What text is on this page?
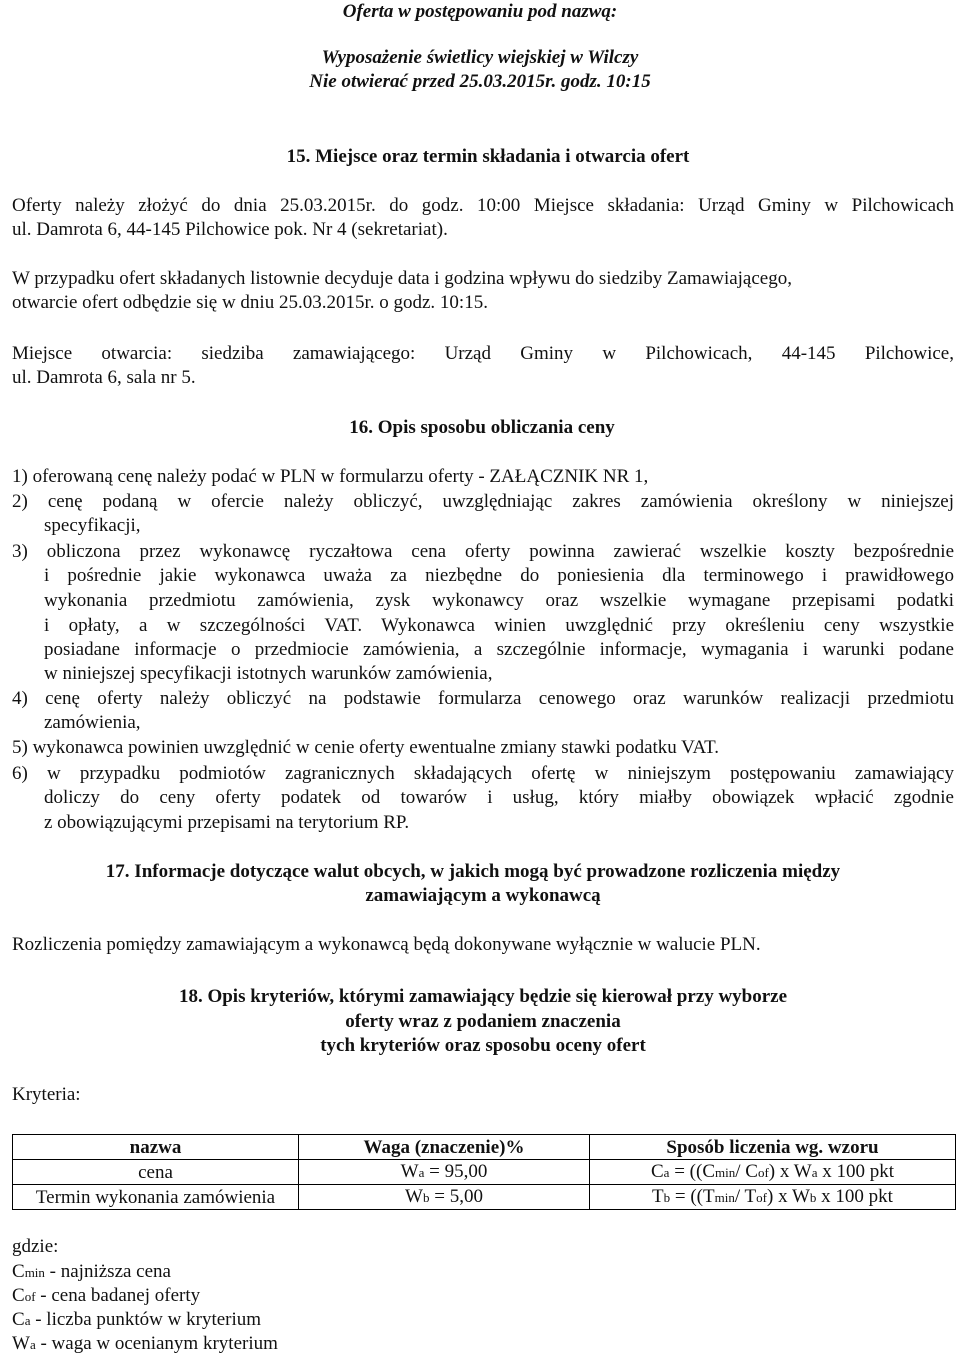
Oferta w postępowaniu pod nazwą:
Wyposażenie świetlicy wiejskiej w Wilczy
Nie otwierać przed 25.03.2015r. godz. 10:15
15. Miejsce oraz termin składania i otwarcia ofert
Oferty należy złożyć do dnia 25.03.2015r. do godz. 10:00 Miejsce składania: Urząd Gminy w Pilchowicach
ul. Damrota 6, 44-145 Pilchowice pok. Nr 4 (sekretariat).
W przypadku ofert składanych listownie decyduje data i godzina wpływu do siedziby Zamawiającego,
otwarcie ofert odbędzie się w dniu 25.03.2015r. o godz. 10:15.
Miejsce otwarcia: siedziba zamawiającego: Urząd Gminy w Pilchowicach, 44-145 Pilchowice,
ul. Damrota 6, sala nr 5.
16. Opis sposobu obliczania ceny
1) oferowaną cenę należy podać w PLN w formularzu oferty - ZAŁĄCZNIK NR 1,
2) cenę podaną w ofercie należy obliczyć, uwzględniając zakres zamówienia określony w niniejszej
specyfikacji,
3) obliczona przez wykonawcę ryczałtowa cena oferty powinna zawierać wszelkie koszty bezpośrednie
i pośrednie jakie wykonawca uważa za niezbędne do poniesienia dla terminowego i prawidłowego
wykonania przedmiotu zamówienia, zysk wykonawcy oraz wszelkie wymagane przepisami podatki
i opłaty, a w szczególności VAT. Wykonawca winien uwzględnić przy określeniu ceny wszystkie
posiadane informacje o przedmiocie zamówienia, a szczególnie informacje, wymagania i warunki podane
w niniejszej specyfikacji istotnych warunków zamówienia,
4) cenę oferty należy obliczyć na podstawie formularza cenowego oraz warunków realizacji przedmiotu
zamówienia,
5) wykonawca powinien uwzględnić w cenie oferty ewentualne zmiany stawki podatku VAT.
6) w przypadku podmiotów zagranicznych składających ofertę w niniejszym postępowaniu zamawiający
doliczy do ceny oferty podatek od towarów i usług, który miałby obowiązek wpłacić zgodnie
z obowiązującymi przepisami na terytorium RP.
17. Informacje dotyczące walut obcych, w jakich mogą być prowadzone rozliczenia między
zamawiającym a wykonawcą
Rozliczenia pomiędzy zamawiającym a wykonawcą będą dokonywane wyłącznie w walucie PLN.
18. Opis kryteriów, którymi zamawiający będzie się kierował przy wyborze
oferty wraz z podaniem znaczenia
tych kryteriów oraz sposobu oceny ofert
Kryteria:
nazwa	Waga (znaczenie)%	Sposób liczenia wg. wzoru
cena	Wa = 95,00	Ca = ((Cmin/ Cof) x Wa x 100 pkt
Termin wykonania zamówienia	Wb = 5,00	Tb = ((Tmin/ Tof) x Wb x 100 pkt
gdzie:
Cmin - najniższa cena
Cof - cena badanej oferty
Ca - liczba punktów w kryterium
Wa - waga w ocenianym kryterium
